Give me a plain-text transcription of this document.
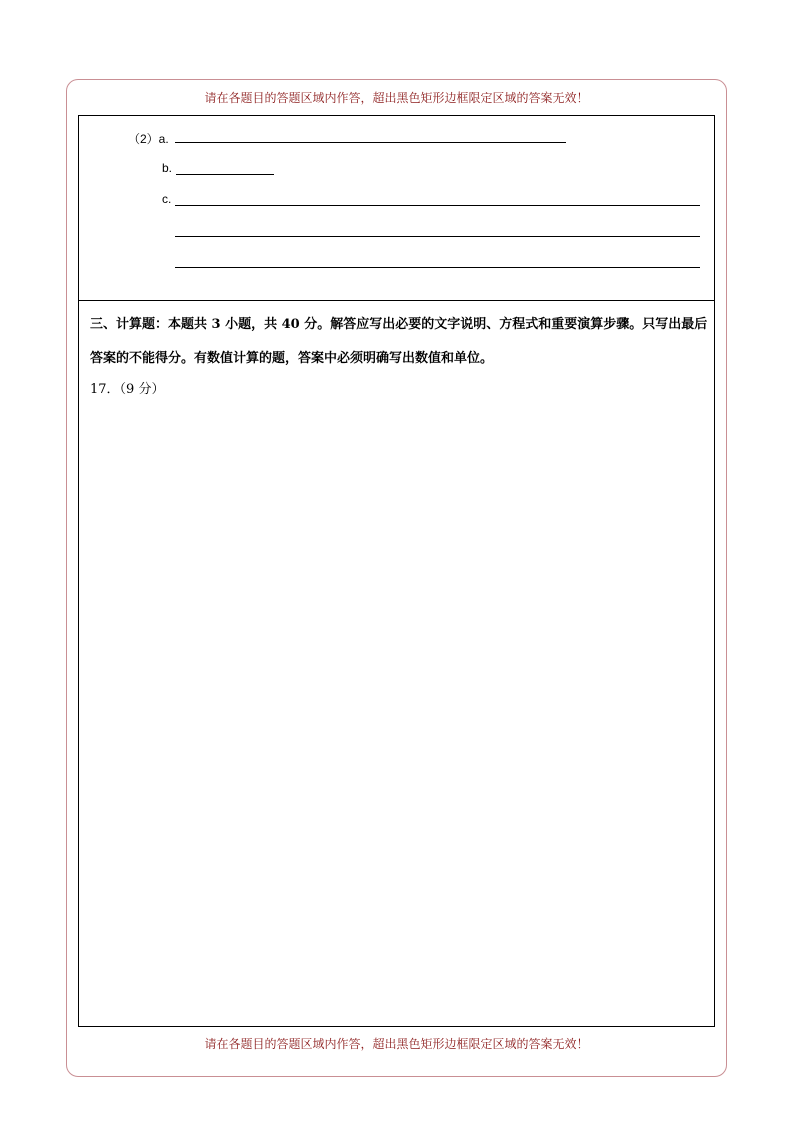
请在各题目的答题区域内作答，超出黑色矩形边框限定区域的答案无效！
（2）a.
b.
c.
三、计算题：本题共 3 小题，共 40 分。解答应写出必要的文字说明、方程式和重要演算步骤。只写出最后答案的不能得分。有数值计算的题，答案中必须明确写出数值和单位。
17．（9 分）
请在各题目的答题区域内作答，超出黑色矩形边框限定区域的答案无效！
